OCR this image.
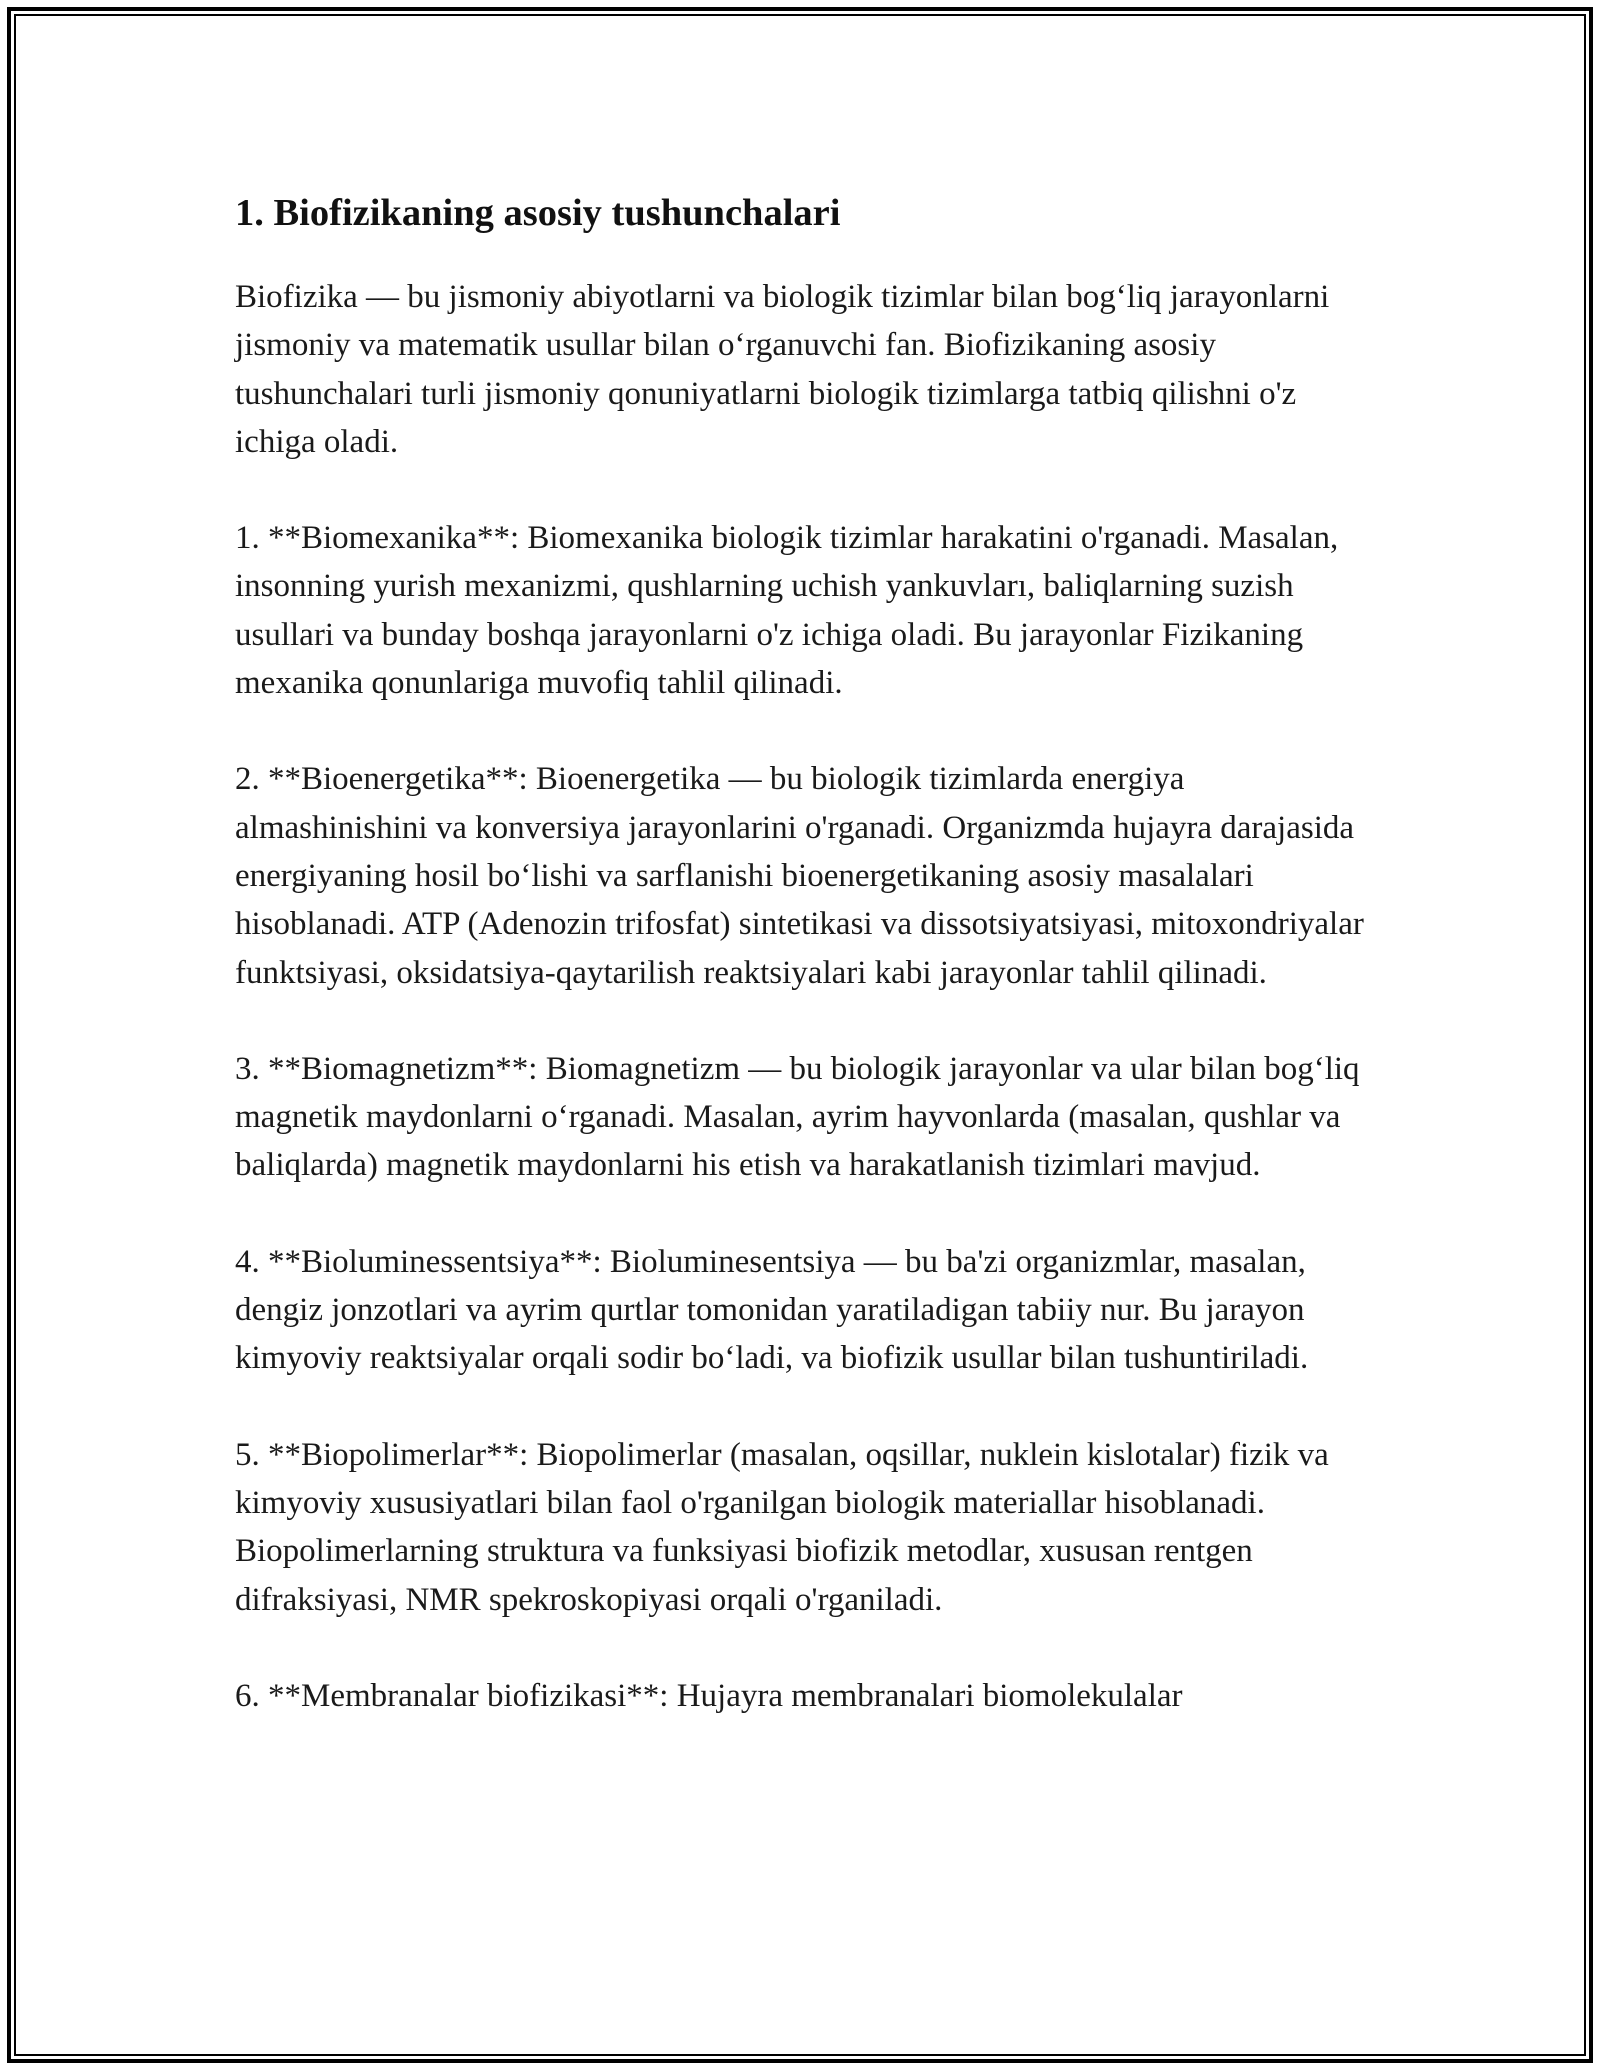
1. Biofizikaning asosiy tushunchalari

Biofizika — bu jismoniy abiyotlarni va biologik tizimlar bilan bog‘liq jarayonlarni jismoniy va matematik usullar bilan o‘rganuvchi fan. Biofizikaning asosiy tushunchalari turli jismoniy qonuniyatlarni biologik tizimlarga tatbiq qilishni o'z ichiga oladi.

1. **Biomexanika**: Biomexanika biologik tizimlar harakatini o'rganadi. Masalan, insonning yurish mexanizmi, qushlarning uchish yankuvları, baliqlarning suzish usullari va bunday boshqa jarayonlarni o'z ichiga oladi. Bu jarayonlar Fizikaning mexanika qonunlariga muvofiq tahlil qilinadi.

2. **Bioenergetika**: Bioenergetika — bu biologik tizimlarda energiya almashinishini va konversiya jarayonlarini o'rganadi. Organizmda hujayra darajasida energiyaning hosil bo‘lishi va sarflanishi bioenergetikaning asosiy masalalari hisoblanadi. ATP (Adenozin trifosfat) sintetikasi va dissotsiyatsiyasi, mitoxondriyalar funktsiyasi, oksidatsiya-qaytarilish reaktsiyalari kabi jarayonlar tahlil qilinadi.

3. **Biomagnetizm**: Biomagnetizm — bu biologik jarayonlar va ular bilan bog‘liq magnetik maydonlarni o‘rganadi. Masalan, ayrim hayvonlarda (masalan, qushlar va baliqlarda) magnetik maydonlarni his etish va harakatlanish tizimlari mavjud.

4. **Bioluminessentsiya**: Bioluminesentsiya — bu ba'zi organizmlar, masalan, dengiz jonzotlari va ayrim qurtlar tomonidan yaratiladigan tabiiy nur. Bu jarayon kimyoviy reaktsiyalar orqali sodir bo‘ladi, va biofizik usullar bilan tushuntiriladi.

5. **Biopolimerlar**: Biopolimerlar (masalan, oqsillar, nuklein kislotalar) fizik va kimyoviy xususiyatlari bilan faol o'rganilgan biologik materiallar hisoblanadi. Biopolimerlarning struktura va funksiyasi biofizik metodlar, xususan rentgen difraksiyasi, NMR spekroskopiyasi orqali o'rganiladi.

6. **Membranalar biofizikasi**: Hujayra membranalari biomolekulalar
